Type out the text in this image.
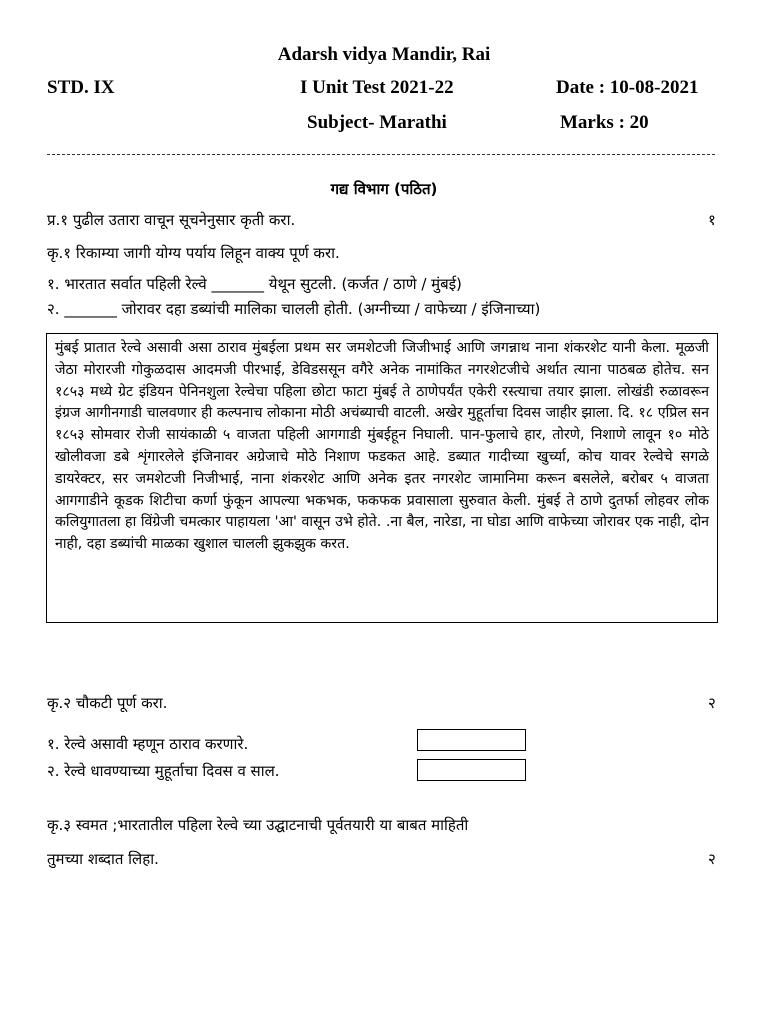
Adarsh vidya Mandir, Rai
STD. IX	I Unit Test 2021-22	Date : 10-08-2021
Subject- Marathi	Marks : 20
गद्य विभाग (पठित)
प्र.१ पुढील उतारा वाचून सूचनेनुसार कृती करा.	१
कृ.१ रिकाम्या जागी योग्य पर्याय लिहून वाक्य पूर्ण करा.
१. भारतात सर्वात पहिली रेल्वे _______ येथून सुटली. (कर्जत / ठाणे / मुंबई)
२. _______ जोरावर दहा डब्यांची मालिका चालली होती. (अग्नीच्या / वाफेच्या / इंजिनाच्या)
मुंबई प्रातात रेल्वे असावी असा ठाराव मुंबईला प्रथम सर जमशेटजी जिजीभाई आणि जगन्नाथ नाना शंकरशेट यानी केला. मूळजी जेठा मोरारजी गोकुळदास आदमजी पीरभाई, डेविडससून वगैरे अनेक नामांकित नगरशेटजीचे अर्थात त्याना पाठबळ होतेच. सन १८५३ मध्ये ग्रेट इंडियन पेनिनशुला रेल्वेचा पहिला छोटा फाटा मुंबई ते ठाणेपर्यंत एकेरी रस्त्याचा तयार झाला. लोखंडी रुळावरून इंग्रज आगीनगाडी चालवणार ही कल्पनाच लोकाना मोठी अचंब्याची वाटली. अखेर मुहूर्ताचा दिवस जाहीर झाला. दि. १८ एप्रिल सन १८५३ सोमवार रोजी सायंकाळी ५ वाजता पहिली आगगाडी मुंबईहून निघाली. पान-फुलाचे हार, तोरणे, निशाणे लावून १० मोठे खोलीवजा डबे शृंगारलेले इंजिनावर अग्रेजाचे मोठे निशाण फडकत आहे. डब्यात गादीच्या खुर्च्या, कोच यावर रेल्वेचे सगळे डायरेक्टर, सर जमशेटजी निजीभाई, नाना शंकरशेट आणि अनेक इतर नगरशेट जामानिमा करून बसलेले, बरोबर ५ वाजता आगगाडीने कूडक शिटीचा कर्णा फुंकून आपल्या भकभक, फकफक प्रवासाला सुरुवात केली. मुंबई ते ठाणे दुतर्फा लोहवर लोक कलियुगातला हा विंग्रेजी चमत्कार पाहायला 'आ' वासून उभे होते. .ना बैल, नारेडा, ना घोडा आणि वाफेच्या जोरावर एक नाही, दोन नाही, दहा डब्यांची माळका खुशाल चालली झुकझुक करत.
कृ.२ चौकटी पूर्ण करा.	२
१. रेल्वे असावी म्हणून ठाराव करणारे.
२. रेल्वे धावण्याच्या मुहूर्ताचा दिवस व साल.
कृ.३ स्वमत ;भारतातील पहिला रेल्वे च्या उद्घाटनाची पूर्वतयारी या बाबत माहिती
तुमच्या शब्दात लिहा.	२
